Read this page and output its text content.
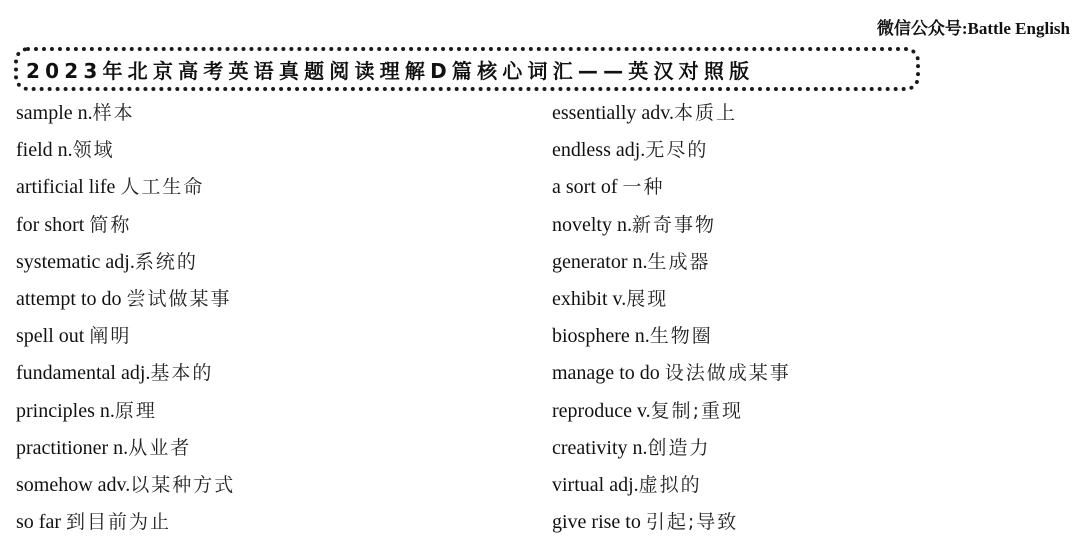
微信公众号:Battle English
2023年北京高考英语真题阅读理解D篇核心词汇——英汉对照版
sample n.样本
field n.领域
artificial life 人工生命
for short 简称
systematic adj.系统的
attempt to do 尝试做某事
spell out 阐明
fundamental adj.基本的
principles n.原理
practitioner n.从业者
somehow adv.以某种方式
so far 到目前为止
essentially adv.本质上
endless adj.无尽的
a sort of 一种
novelty n.新奇事物
generator n.生成器
exhibit v.展现
biosphere n.生物圈
manage to do 设法做成某事
reproduce v.复制;重现
creativity n.创造力
virtual adj.虚拟的
give rise to 引起;导致
